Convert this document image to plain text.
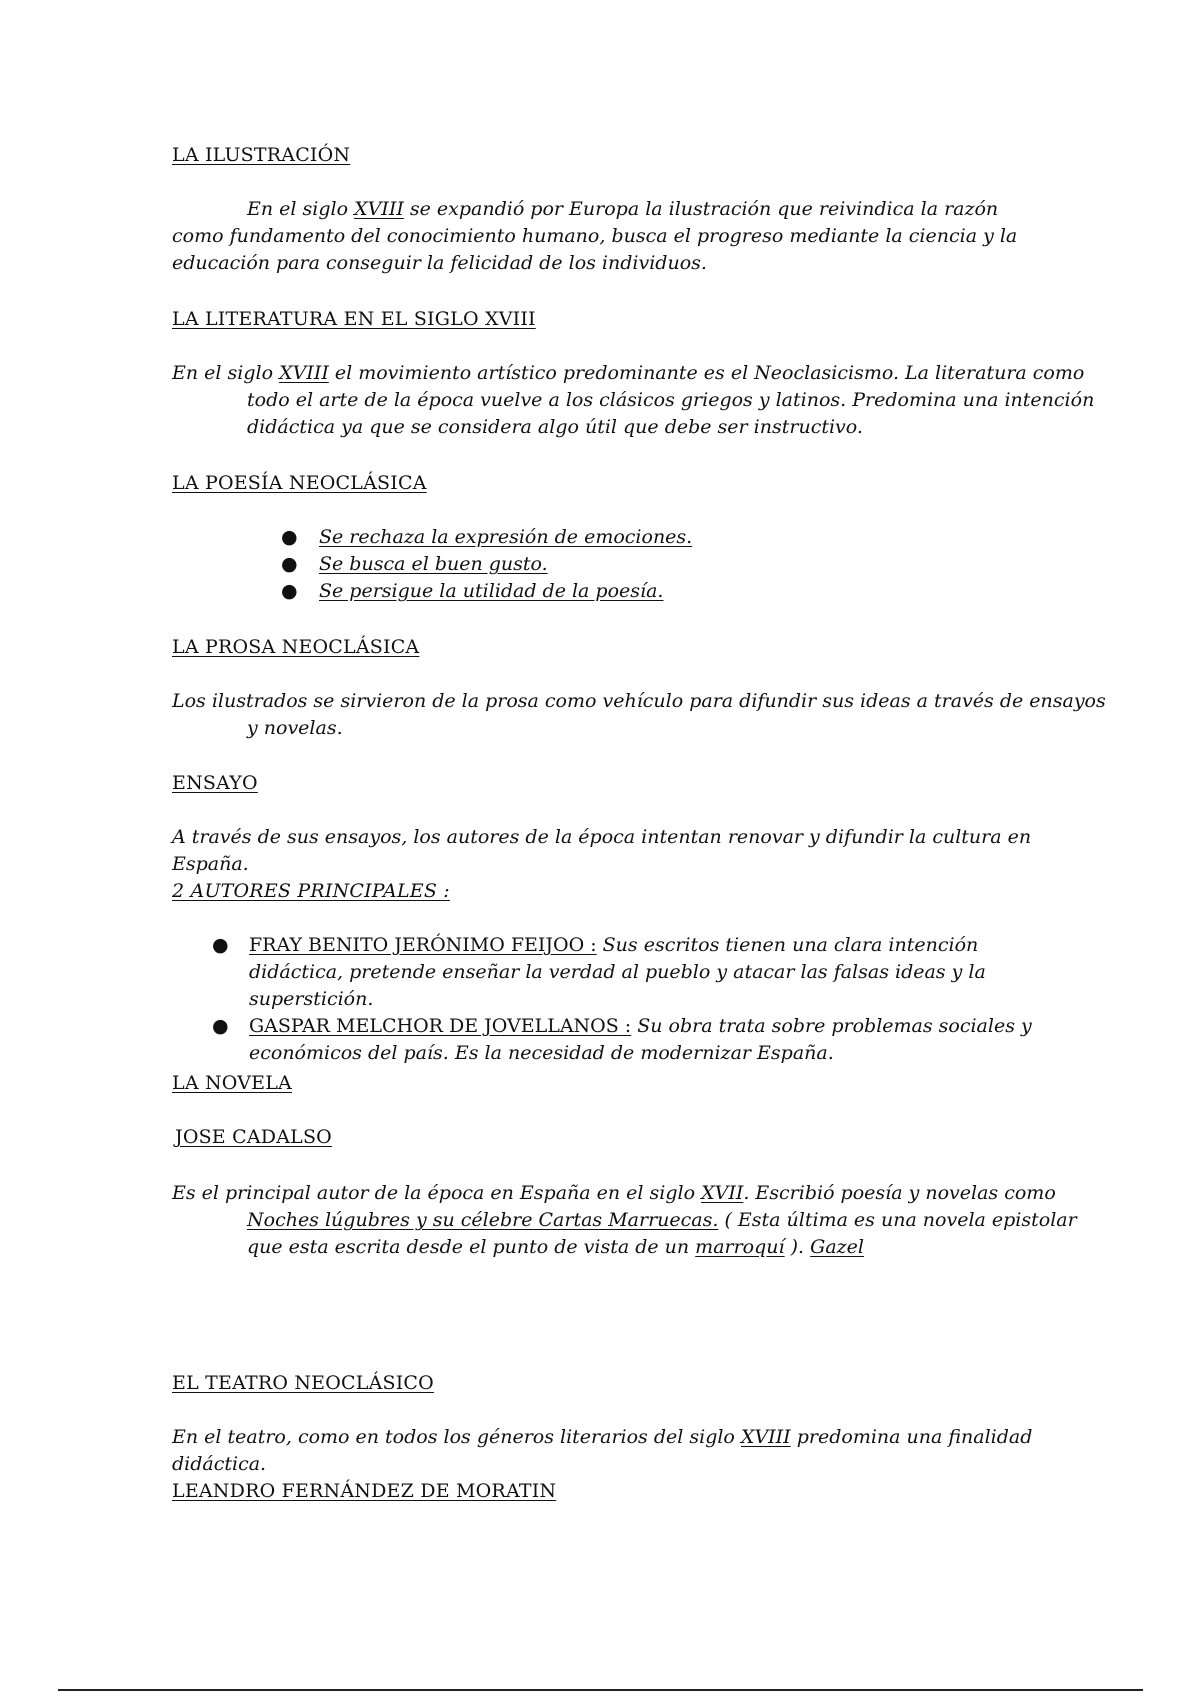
LA ILUSTRACIÓN

En el siglo XVIII se expandió por Europa la ilustración que reivindica la razón como fundamento del conocimiento humano, busca el progreso mediante la ciencia y la educación para conseguir la felicidad de los individuos.

LA LITERATURA EN EL SIGLO XVIII

En el siglo XVIII el movimiento artístico predominante es el Neoclasicismo. La literatura como todo el arte de la época vuelve a los clásicos griegos y latinos. Predomina una intención didáctica ya que se considera algo útil que debe ser instructivo.

LA POESÍA NEOCLÁSICA
● Se rechaza la expresión de emociones.
● Se busca el buen gusto.
● Se persigue la utilidad de la poesía.
LA PROSA NEOCLÁSICA

Los ilustrados se sirvieron de la prosa como vehículo para difundir sus ideas a través de ensayos y novelas.

ENSAYO

A través de sus ensayos, los autores de la época intentan renovar y difundir la cultura en España.

2 AUTORES PRINCIPALES :
● FRAY BENITO JERÓNIMO FEIJOO : Sus escritos tienen una clara intención didáctica, pretende enseñar la verdad al pueblo y atacar las falsas ideas y la superstición.
● GASPAR MELCHOR DE JOVELLANOS : Su obra trata sobre problemas sociales y económicos del país. Es la necesidad de modernizar España.
LA NOVELA
JOSE CADALSO

Es el principal autor de la época en España en el siglo XVII. Escribió poesía y novelas como Noches lúgubres y su célebre Cartas Marruecas. ( Esta última es una novela epistolar que esta escrita desde el punto de vista de un marroquí ). Gazel

EL TEATRO NEOCLÁSICO

En el teatro, como en todos los géneros literarios del siglo XVIII predomina una finalidad didáctica.

LEANDRO FERNÁNDEZ DE MORATIN
